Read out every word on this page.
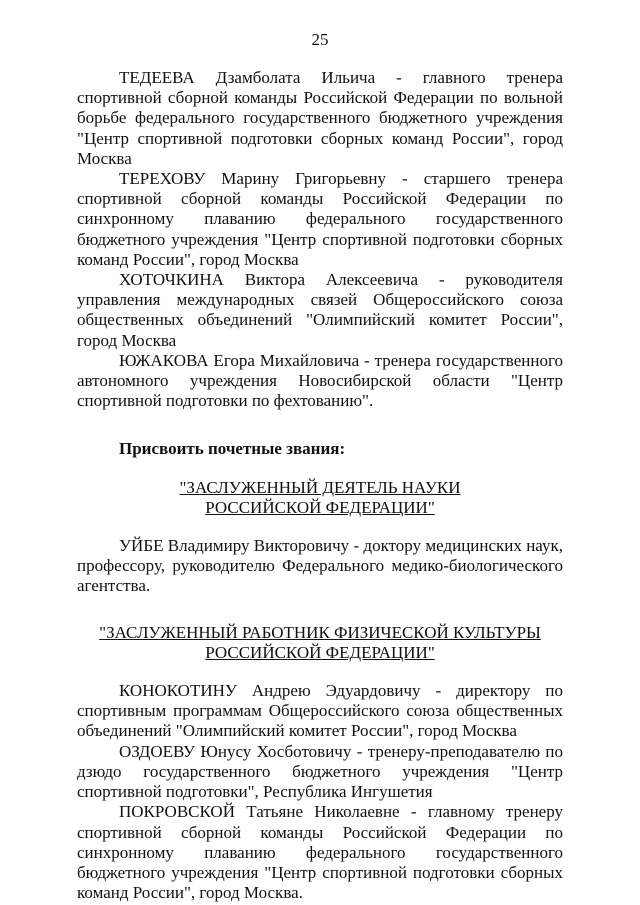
25

ТЕДЕЕВА Дзамболата Ильича - главного тренера спортивной сборной команды Российской Федерации по вольной борьбе федерального государственного бюджетного учреждения "Центр спортивной подготовки сборных команд России", город Москва

ТЕРЕХОВУ Марину Григорьевну - старшего тренера спортивной сборной команды Российской Федерации по синхронному плаванию федерального государственного бюджетного учреждения "Центр спортивной подготовки сборных команд России", город Москва

ХОТОЧКИНА Виктора Алексеевича - руководителя управления международных связей Общероссийского союза общественных объединений "Олимпийский комитет России", город Москва

ЮЖАКОВА Егора Михайловича - тренера государственного автономного учреждения Новосибирской области "Центр спортивной подготовки по фехтованию".

Присвоить почетные звания:

"ЗАСЛУЖЕННЫЙ ДЕЯТЕЛЬ НАУКИ
РОССИЙСКОЙ ФЕДЕРАЦИИ"

УЙБЕ Владимиру Викторовичу - доктору медицинских наук, профессору, руководителю Федерального медико-биологического агентства.

"ЗАСЛУЖЕННЫЙ РАБОТНИК ФИЗИЧЕСКОЙ КУЛЬТУРЫ
РОССИЙСКОЙ ФЕДЕРАЦИИ"

КОНОКОТИНУ Андрею Эдуардовичу - директору по спортивным программам Общероссийского союза общественных объединений "Олимпийский комитет России", город Москва

ОЗДОЕВУ Юнусу Хосботовичу - тренеру-преподавателю по дзюдо государственного бюджетного учреждения "Центр спортивной подготовки", Республика Ингушетия

ПОКРОВСКОЙ Татьяне Николаевне - главному тренеру спортивной сборной команды Российской Федерации по синхронному плаванию федерального государственного бюджетного учреждения "Центр спортивной подготовки сборных команд России", город Москва.
